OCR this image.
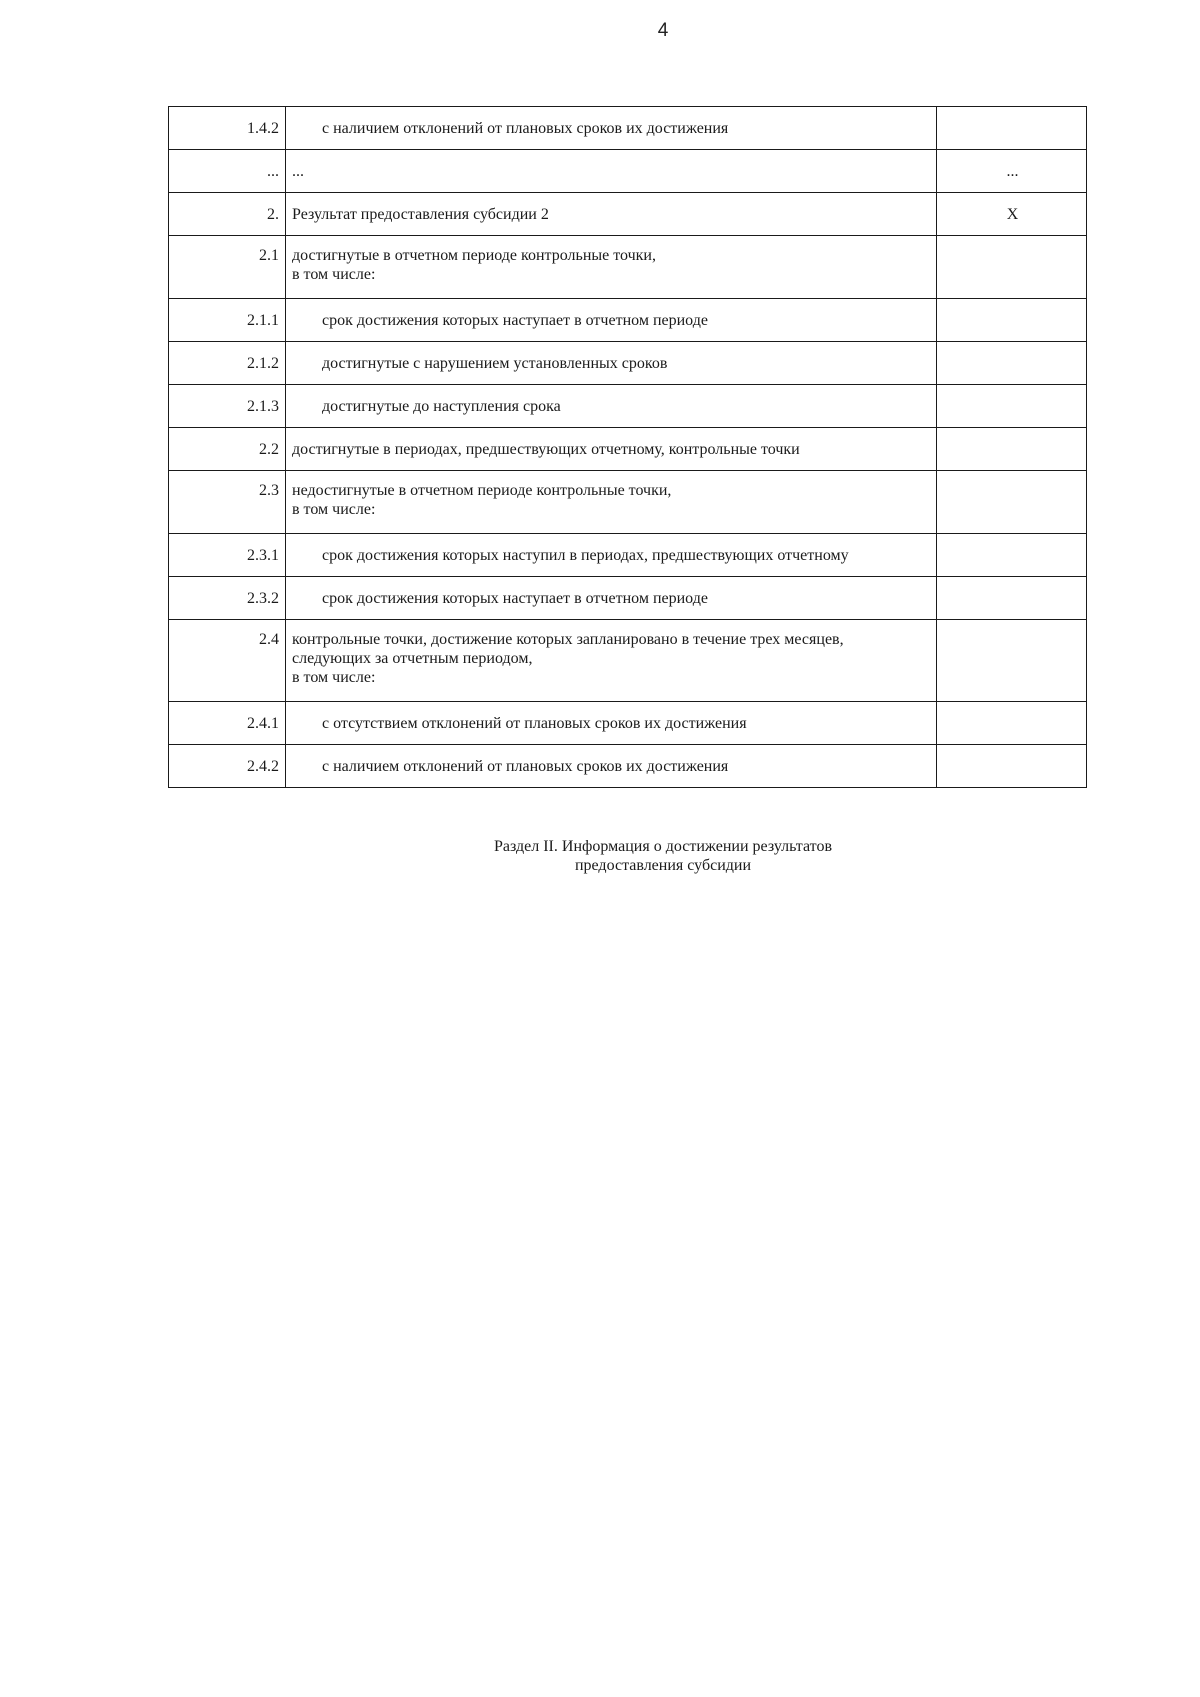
4
1.4.2	с наличием отклонений от плановых сроков их достижения	
...	...	...
2.	Результат предоставления субсидии 2	X
2.1	достигнутые в отчетном периоде контрольные точки,
в том числе:	

2.1.1	срок достижения которых наступает в отчетном периоде	
2.1.2	достигнутые с нарушением установленных сроков	
2.1.3	достигнутые до наступления срока	
2.2	достигнутые в периодах, предшествующих отчетному, контрольные точки	
2.3	недостигнутые в отчетном периоде контрольные точки,
в том числе:	

2.3.1	срок достижения которых наступил в периодах, предшествующих отчетному	
2.3.2	срок достижения которых наступает в отчетном периоде	
2.4	контрольные точки, достижение которых запланировано в течение трех месяцев,
следующих за отчетным периодом,
в том числе:	

2.4.1	с отсутствием отклонений от плановых сроков их достижения	
2.4.2	с наличием отклонений от плановых сроков их достижения	
Раздел II. Информация о достижении результатов
предоставления субсидии
